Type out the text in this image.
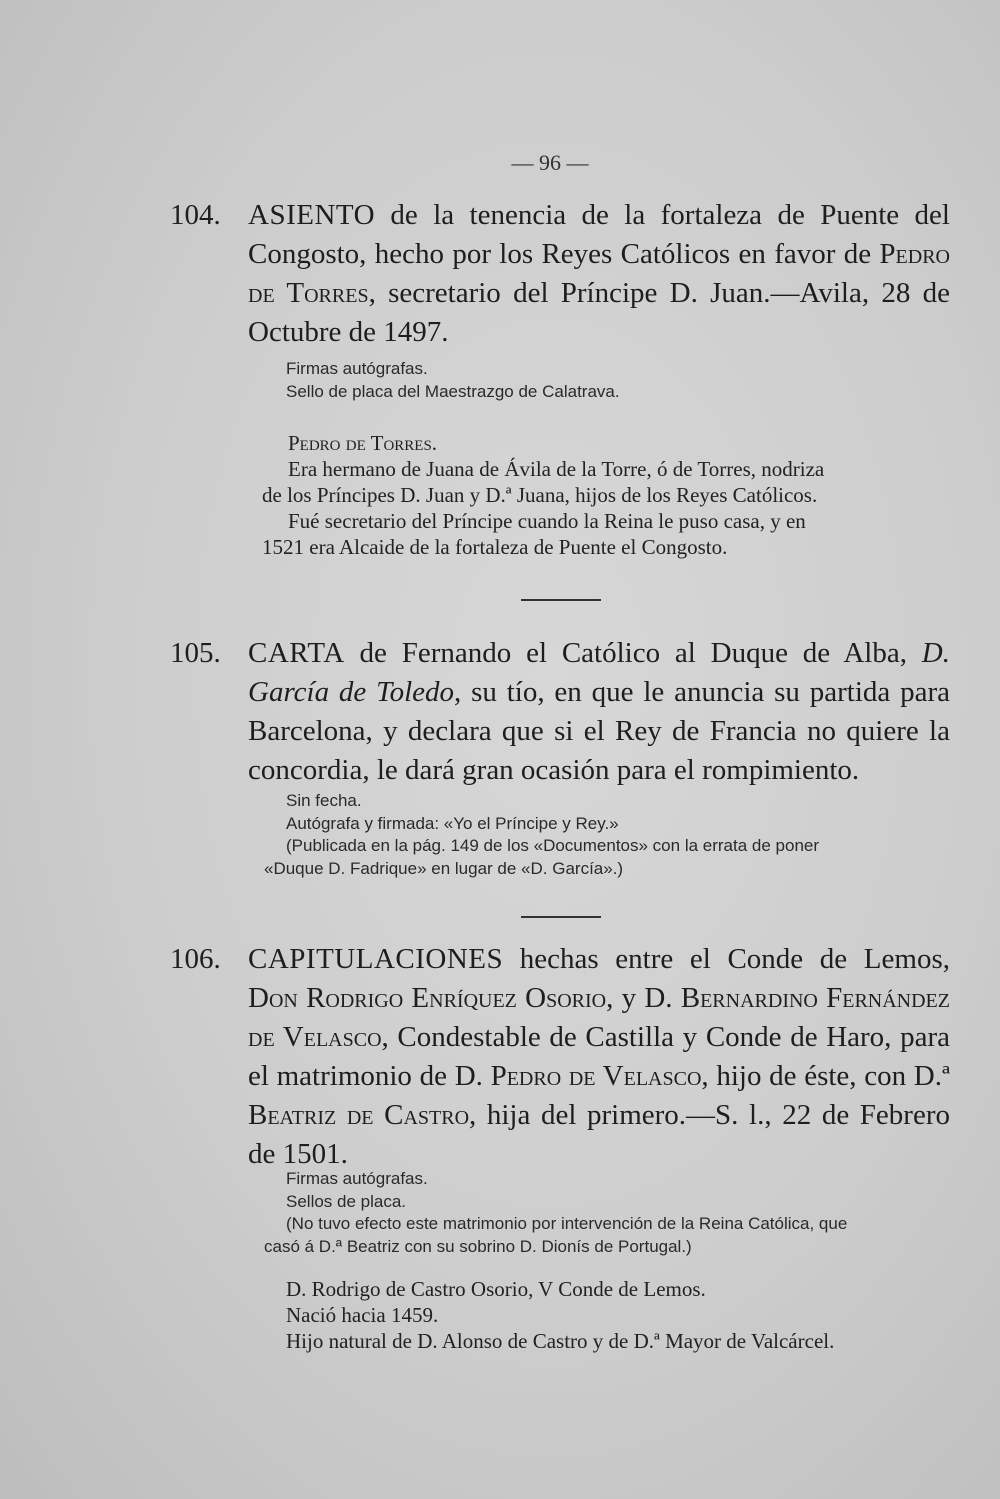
— 96 —
104. ASIENTO de la tenencia de la fortaleza de Puente del Congosto, hecho por los Reyes Católicos en favor de Pedro de Torres, secretario del Príncipe D. Juan.—Avila, 28 de Octubre de 1497.
Firmas autógrafas.
Sello de placa del Maestrazgo de Calatrava.
Pedro de Torres.
Era hermano de Juana de Ávila de la Torre, ó de Torres, nodriza
de los Príncipes D. Juan y D.ª Juana, hijos de los Reyes Católicos.
Fué secretario del Príncipe cuando la Reina le puso casa, y en
1521 era Alcaide de la fortaleza de Puente el Congosto.
105. CARTA de Fernando el Católico al Duque de Alba, D. García de Toledo, su tío, en que le anuncia su partida para Barcelona, y declara que si el Rey de Francia no quiere la concordia, le dará gran ocasión para el rompimiento.
Sin fecha.
Autógrafa y firmada: «Yo el Príncipe y Rey.»
(Publicada en la pág. 149 de los «Documentos» con la errata de poner
«Duque D. Fadrique» en lugar de «D. García».)
106. CAPITULACIONES hechas entre el Conde de Lemos, Don Rodrigo Enríquez Osorio, y D. Bernardino Fernández de Velasco, Condestable de Castilla y Conde de Haro, para el matrimonio de D. Pedro de Velasco, hijo de éste, con D.ª Beatriz de Castro, hija del primero.—S. l., 22 de Febrero de 1501.
Firmas autógrafas.
Sellos de placa.
(No tuvo efecto este matrimonio por intervención de la Reina Católica, que
casó á D.ª Beatriz con su sobrino D. Dionís de Portugal.)
D. Rodrigo de Castro Osorio, V Conde de Lemos.
Nació hacia 1459.
Hijo natural de D. Alonso de Castro y de D.ª Mayor de Valcárcel.
